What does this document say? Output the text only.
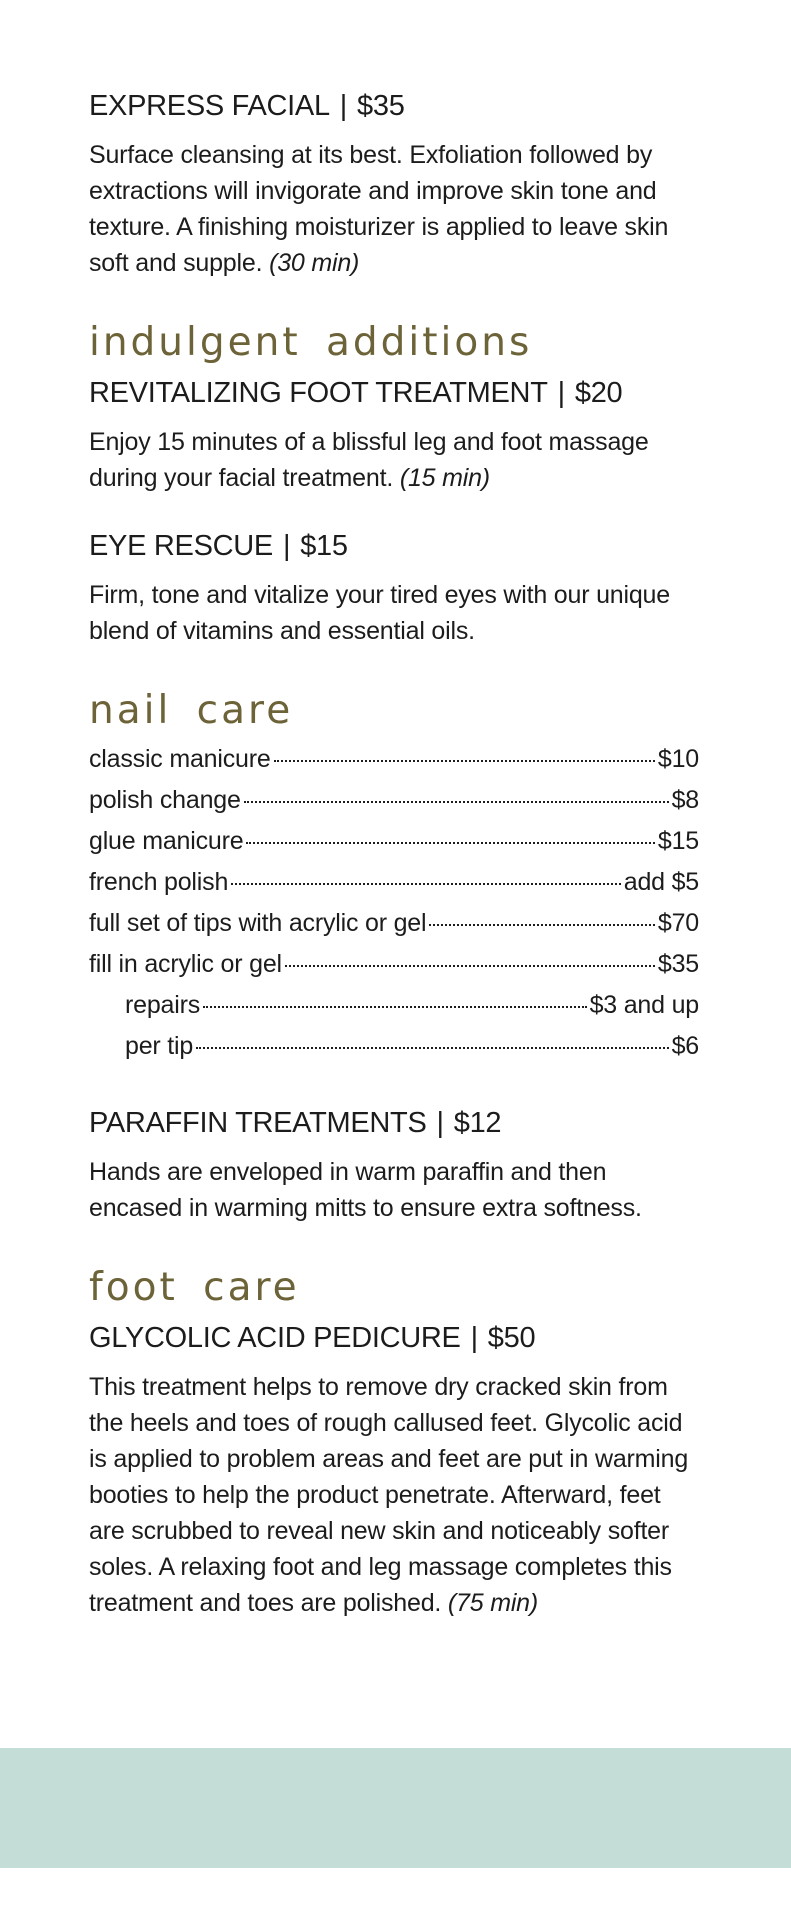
EXPRESS FACIAL | $35

Surface cleansing at its best. Exfoliation followed by extractions will invigorate and improve skin tone and texture. A finishing moisturizer is applied to leave skin soft and supple. (30 min)

indulgent additions
REVITALIZING FOOT TREATMENT | $20

Enjoy 15 minutes of a blissful leg and foot massage during your facial treatment. (15 min)

EYE RESCUE | $15

Firm, tone and vitalize your tired eyes with our unique blend of vitamins and essential oils.

nail care
classic manicure	$10
polish change	$8
glue manicure	$15
french polish	add $5
full set of tips with acrylic or gel	$70
fill in acrylic or gel	$35
repairs	$3 and up
per tip	$6
PARAFFIN TREATMENTS | $12

Hands are enveloped in warm paraffin and then encased in warming mitts to ensure extra softness.

foot care
GLYCOLIC ACID PEDICURE | $50

This treatment helps to remove dry cracked skin from the heels and toes of rough callused feet. Glycolic acid is applied to problem areas and feet are put in warming booties to help the product penetrate. Afterward, feet are scrubbed to reveal new skin and noticeably softer soles. A relaxing foot and leg massage completes this treatment and toes are polished. (75 min)
